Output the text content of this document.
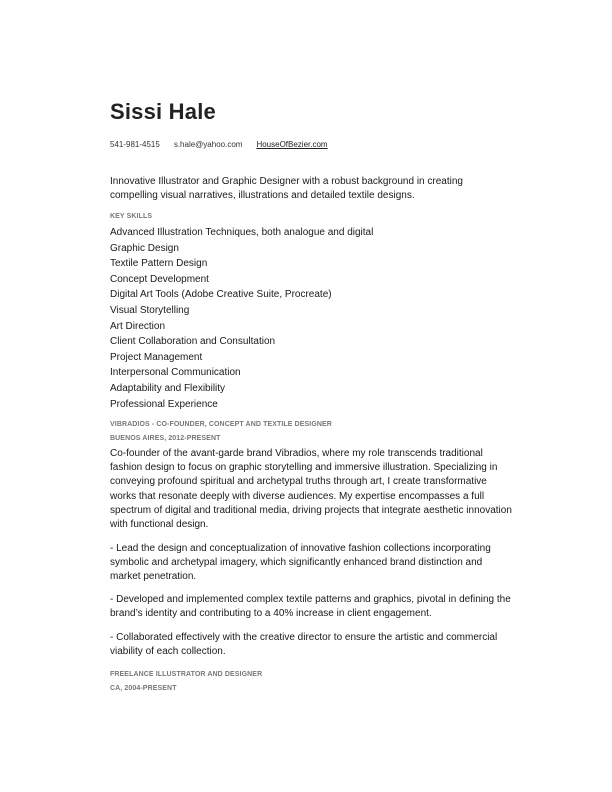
Sissi Hale
541-981-4515 s.hale@yahoo.com HouseOfBezier.com
Innovative Illustrator and Graphic Designer with a robust background in creating compelling visual narratives, illustrations and detailed textile designs.
KEY SKILLS
Advanced Illustration Techniques, both analogue and digital
Graphic Design
Textile Pattern Design
Concept Development
Digital Art Tools (Adobe Creative Suite, Procreate)
Visual Storytelling
Art Direction
Client Collaboration and Consultation
Project Management
Interpersonal Communication
Adaptability and Flexibility
Professional Experience
VIBRADIOS - CO-FOUNDER, CONCEPT AND TEXTILE DESIGNER
BUENOS AIRES, 2012-PRESENT
Co-founder of the avant-garde brand Vibradios, where my role transcends traditional fashion design to focus on graphic storytelling and immersive illustration. Specializing in conveying profound spiritual and archetypal truths through art, I create transformative works that resonate deeply with diverse audiences. My expertise encompasses a full spectrum of digital and traditional media, driving projects that integrate aesthetic innovation with functional design.
- Lead the design and conceptualization of innovative fashion collections incorporating symbolic and archetypal imagery, which significantly enhanced brand distinction and market penetration.
- Developed and implemented complex textile patterns and graphics, pivotal in defining the brand’s identity and contributing to a 40% increase in client engagement.
- Collaborated effectively with the creative director to ensure the artistic and commercial viability of each collection.
FREELANCE ILLUSTRATOR AND DESIGNER
CA, 2004-PRESENT
